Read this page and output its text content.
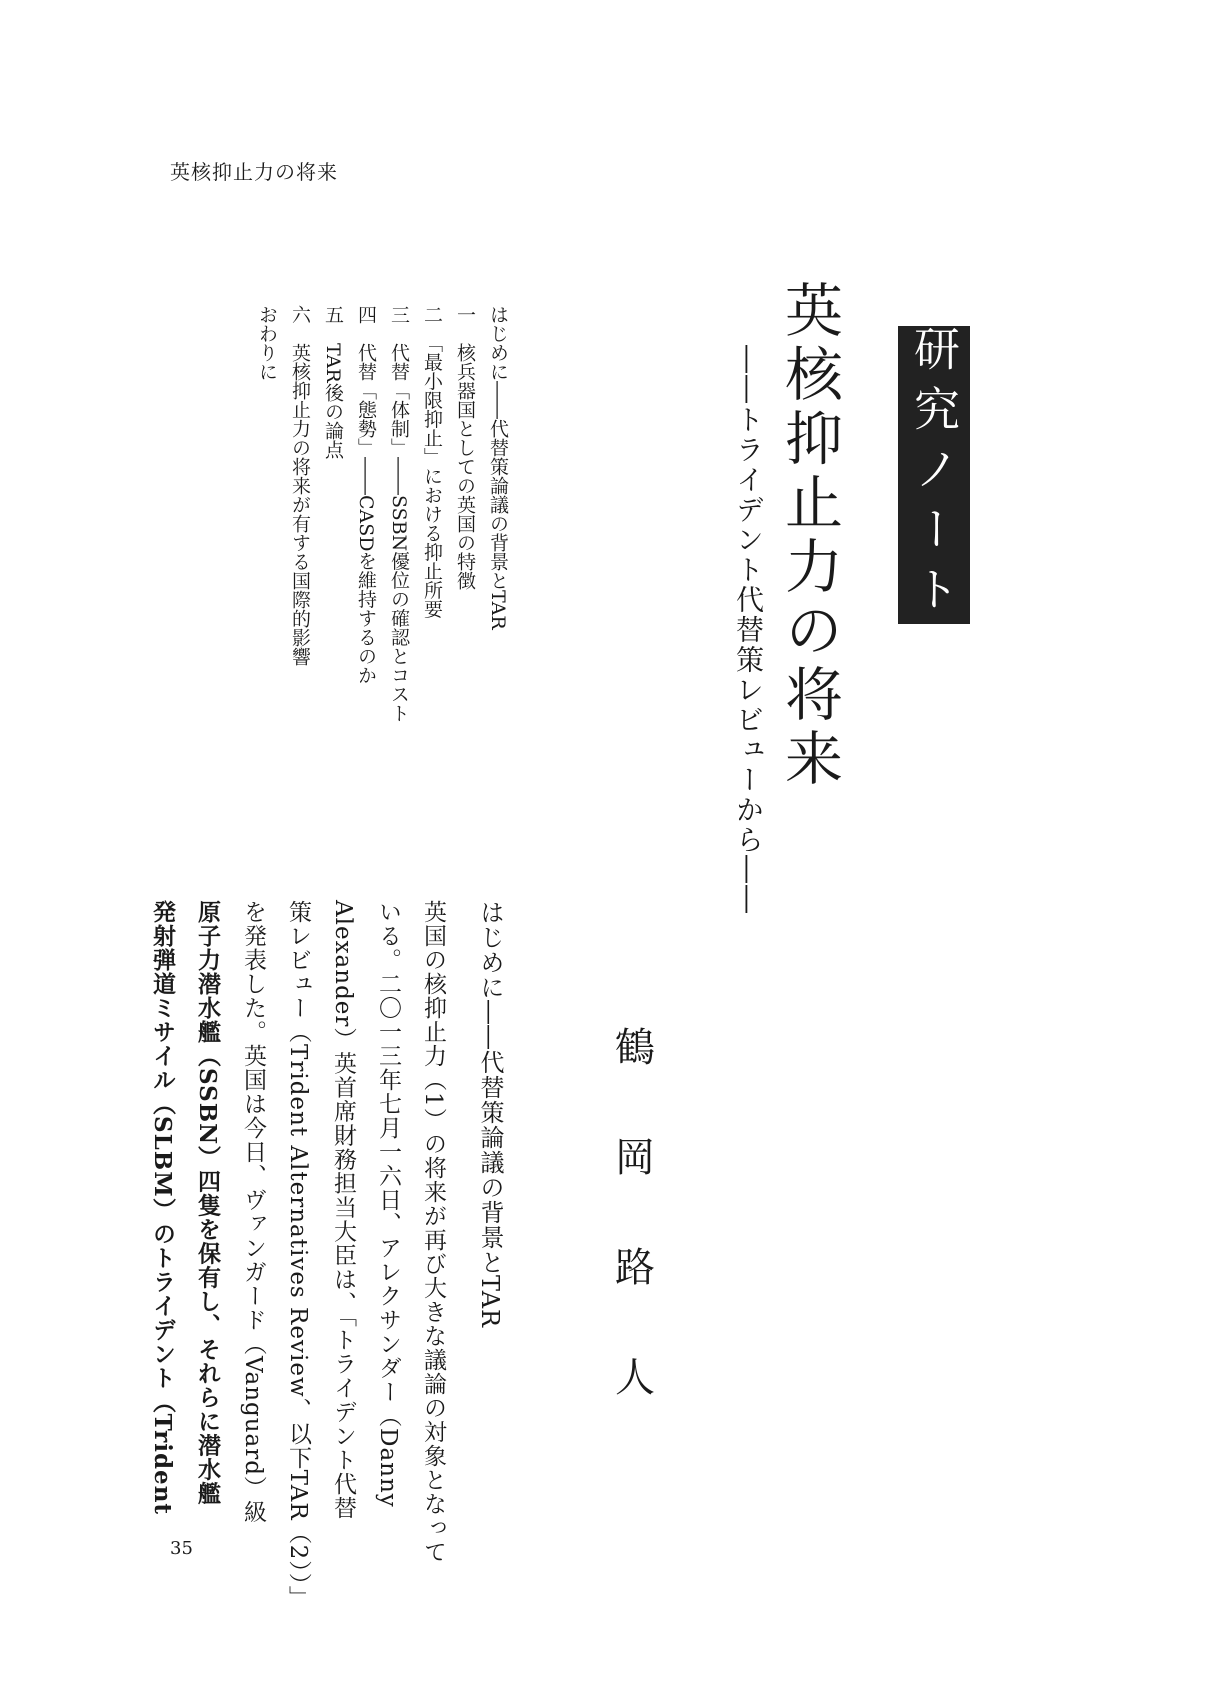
英核抑止力の将来
研究ノート
英核抑止力の将来
――トライデント代替策レビューから――
はじめに――代替策論議の背景とTAR
一　核兵器国としての英国の特徴
二　「最小限抑止」における抑止所要
三　代替「体制」――SSBN優位の確認とコスト
四　代替「態勢」――CASDを維持するのか
五　TAR後の論点
六　英核抑止力の将来が有する国際的影響
おわりに
鶴
岡
路
人

はじめに――代替策論議の背景とTAR

英国の核抑止力（1）の将来が再び大きな議論の対象となって

いる。二〇一三年七月一六日、アレクサンダー（Danny

Alexander）英首席財務担当大臣は、「トライデント代替

策レビュー（Trident Alternatives Review、以下TAR（2））」

を発表した。英国は今日、ヴァンガード（Vanguard）級

原子力潜水艦（SSBN）四隻を保有し、それらに潜水艦

発射弾道ミサイル（SLBM）のトライデント（Trident

35
